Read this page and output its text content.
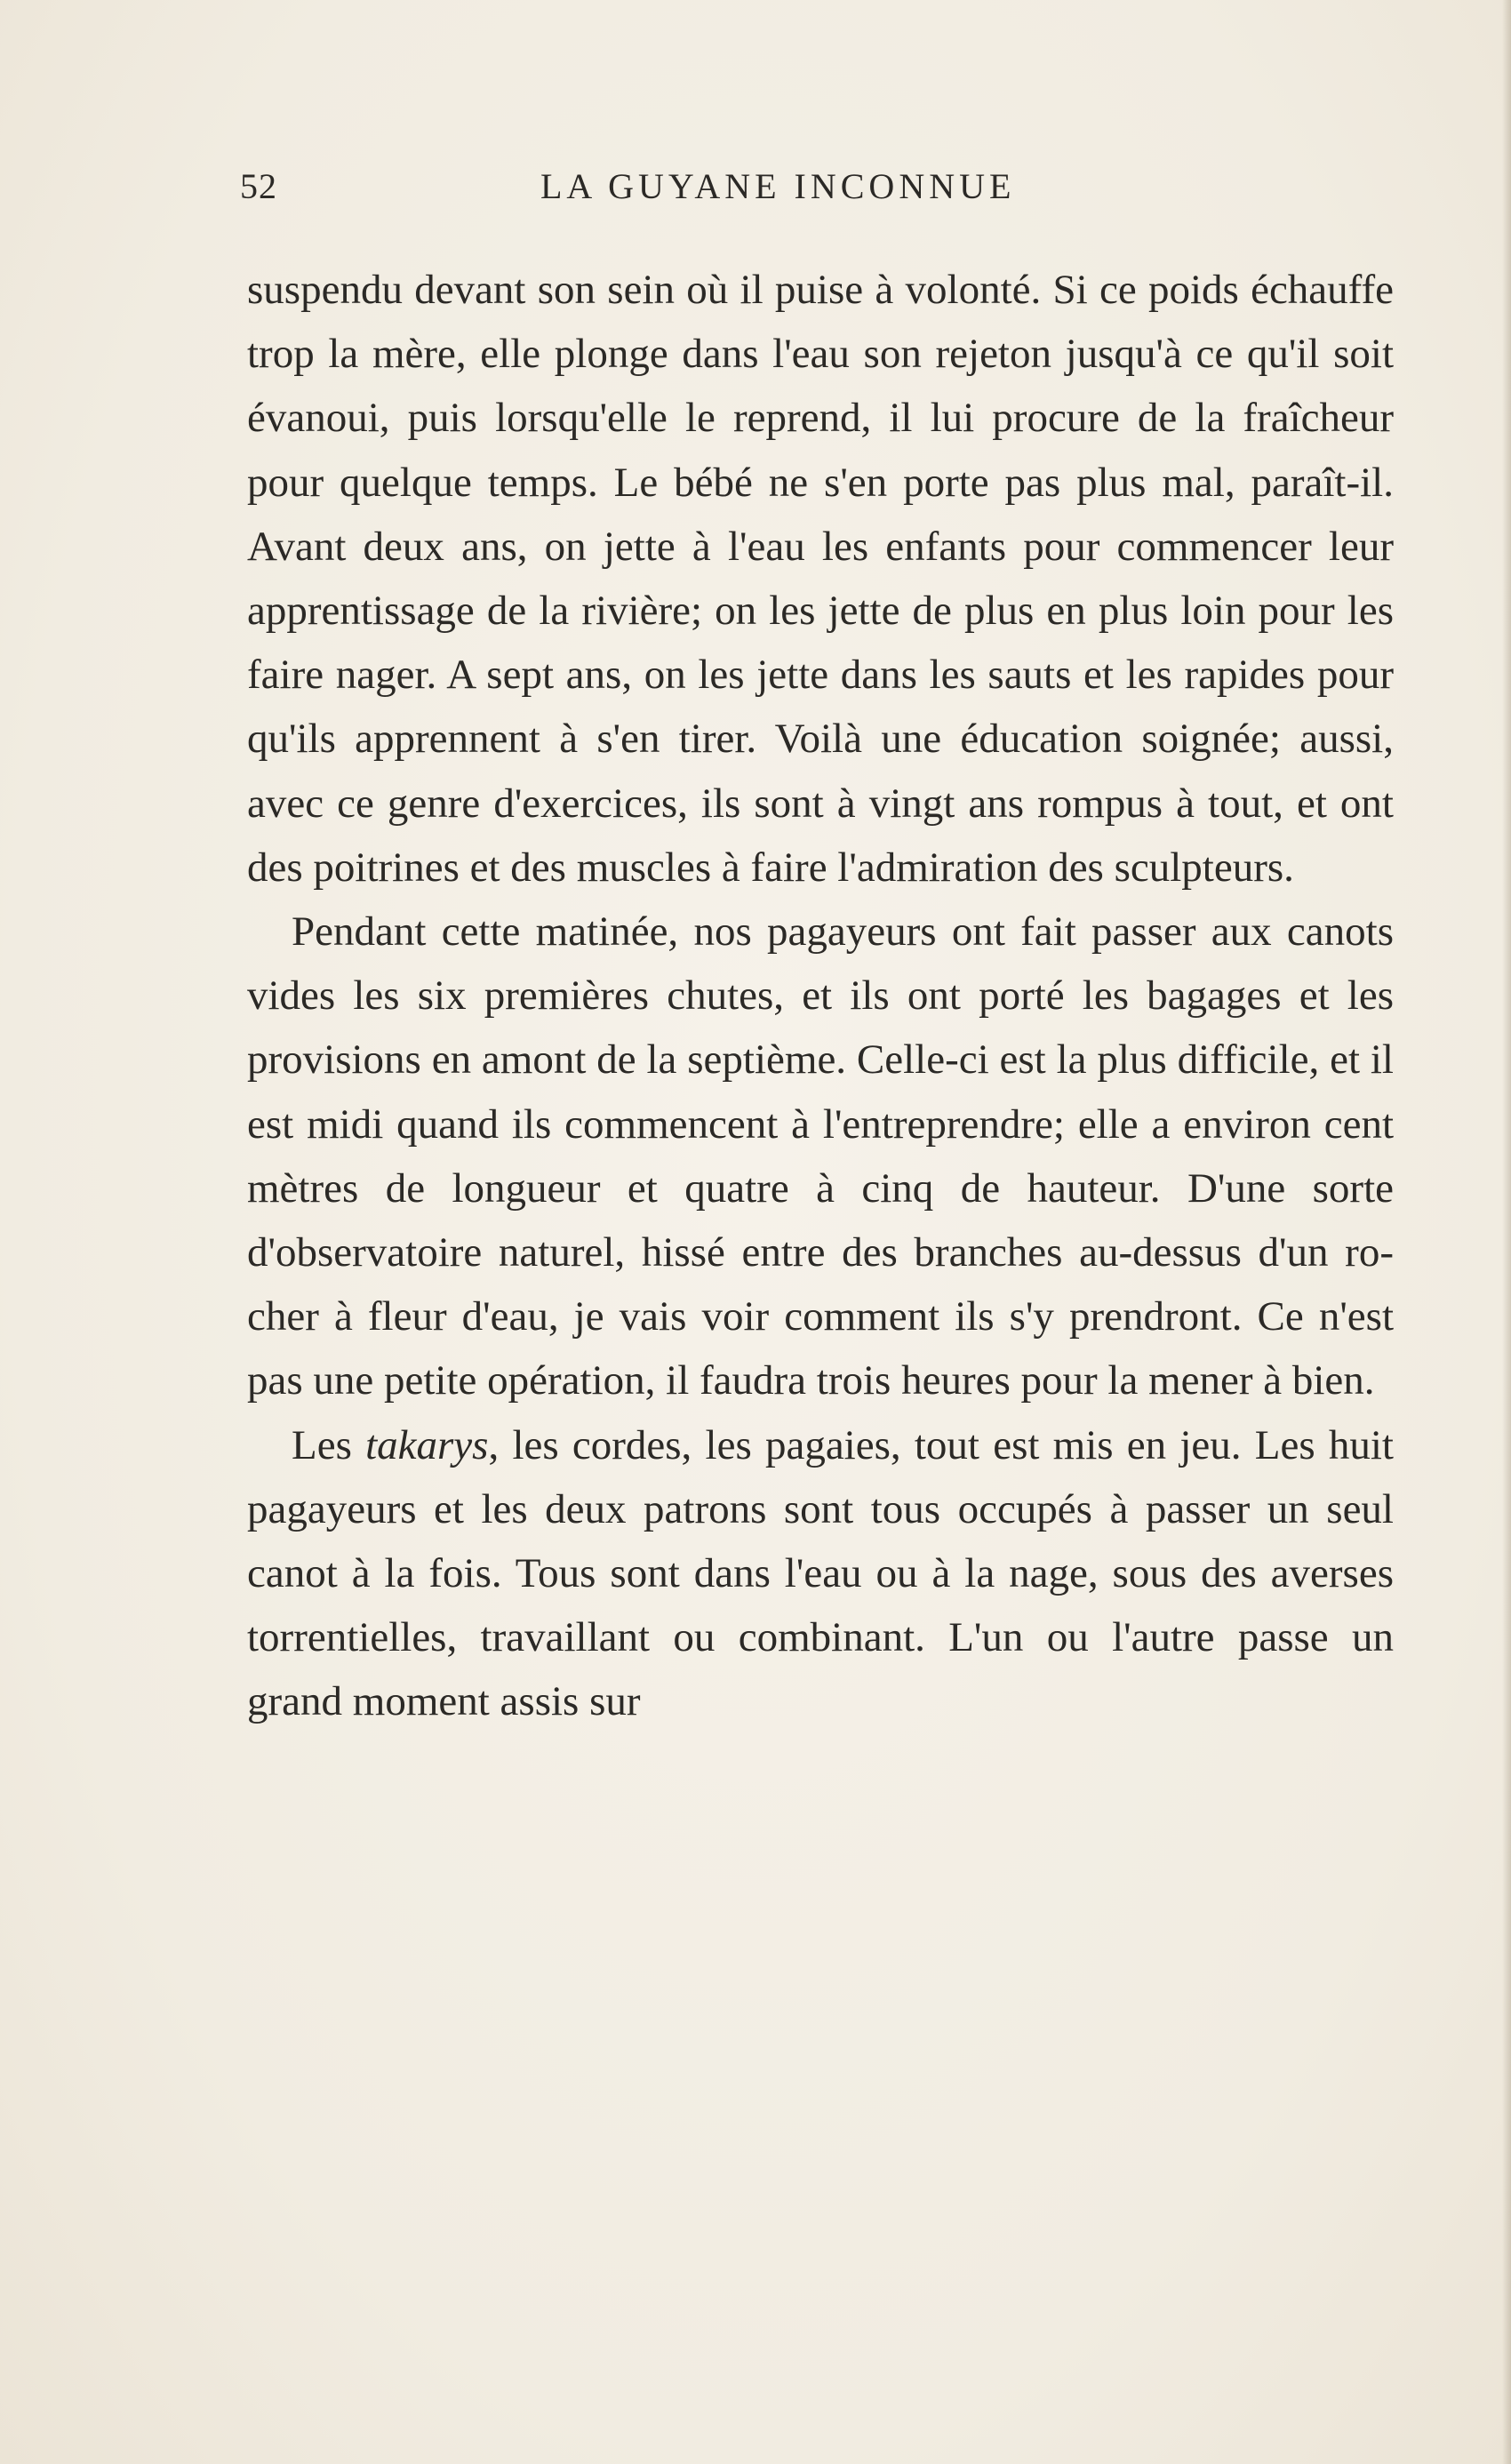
52	LA GUYANE INCONNUE

suspendu devant son sein où il puise à volonté. Si ce poids échauffe trop la mère, elle plonge dans l'eau son rejeton jusqu'à ce qu'il soit évanoui, puis lorsqu'elle le reprend, il lui procure de la fraîcheur pour quelque temps. Le bébé ne s'en porte pas plus mal, paraît-il. Avant deux ans, on jette à l'eau les enfants pour commencer leur apprentissage de la rivière; on les jette de plus en plus loin pour les faire nager. A sept ans, on les jette dans les sauts et les rapides pour qu'ils apprennent à s'en tirer. Voilà une éducation soignée; aussi, avec ce genre d'exercices, ils sont à vingt ans rompus à tout, et ont des poitrines et des muscles à faire l'admiration des sculpteurs.

Pendant cette matinée, nos pagayeurs ont fait passer aux canots vides les six premières chutes, et ils ont porté les bagages et les provisions en amont de la septième. Celle-ci est la plus difficile, et il est midi quand ils commencent à l'entreprendre; elle a environ cent mètres de longueur et quatre à cinq de hauteur. D'une sorte d'observatoire naturel, hissé entre des branches au-dessus d'un rocher à fleur d'eau, je vais voir comment ils s'y prendront. Ce n'est pas une petite opération, il faudra trois heures pour la mener à bien.

Les takarys, les cordes, les pagaies, tout est mis en jeu. Les huit pagayeurs et les deux patrons sont tous occupés à passer un seul canot à la fois. Tous sont dans l'eau ou à la nage, sous des averses torrentielles, travaillant ou combinant. L'un ou l'autre passe un grand moment assis sur
